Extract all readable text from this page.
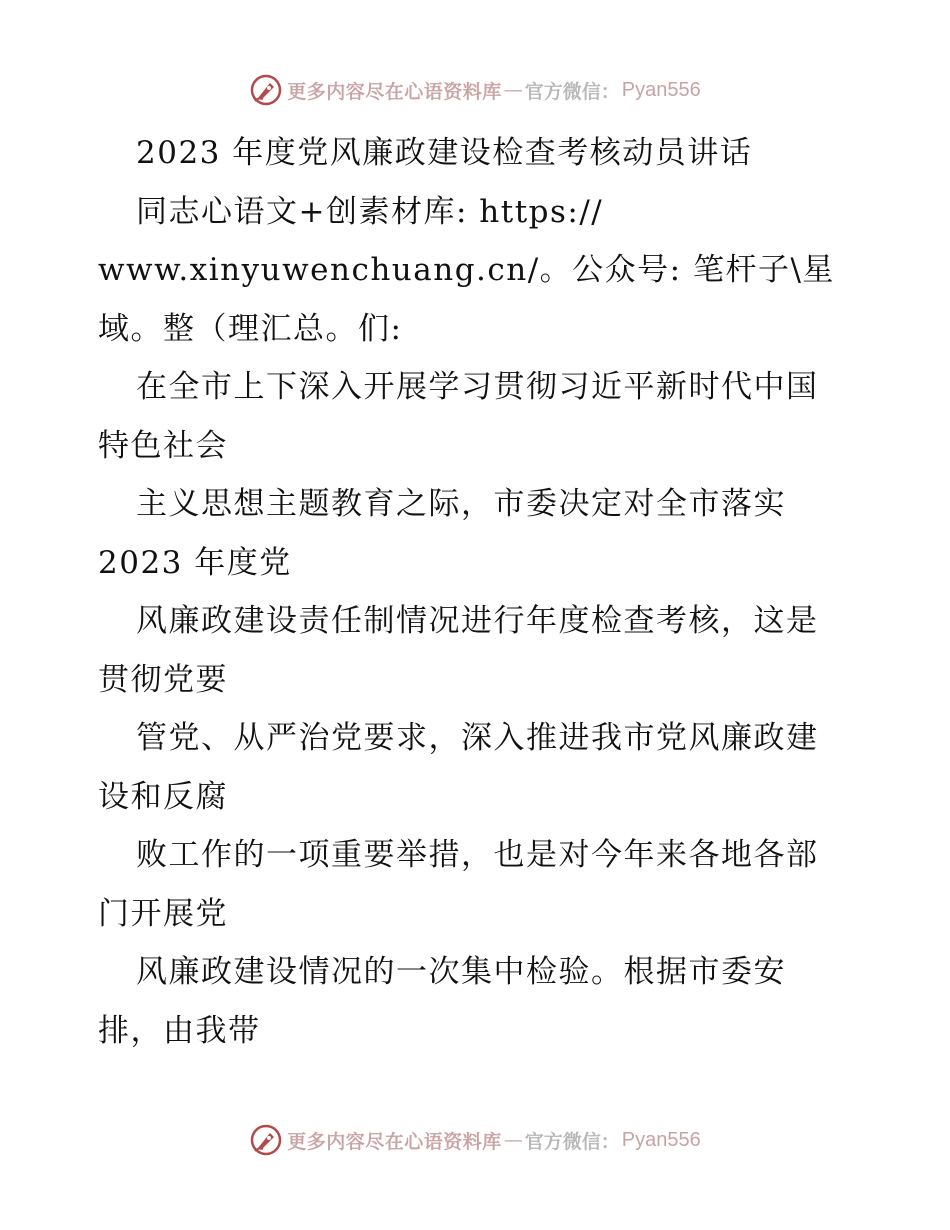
更多内容尽在心语资料库 — 官方微信： Pyan556
2023 年度党风廉政建设检查考核动员讲话
同志心语文+创素材库: https://
www.xinyuwenchuang.cn/。公众号: 笔杆子\星
域。整（理汇总。们:
在全市上下深入开展学习贯彻习近平新时代中国
特色社会
主义思想主题教育之际，市委决定对全市落实
2023 年度党
风廉政建设责任制情况进行年度检查考核，这是
贯彻党要
管党、从严治党要求，深入推进我市党风廉政建
设和反腐
败工作的一项重要举措，也是对今年来各地各部
门开展党
风廉政建设情况的一次集中检验。根据市委安
排，由我带
更多内容尽在心语资料库 — 官方微信： Pyan556
